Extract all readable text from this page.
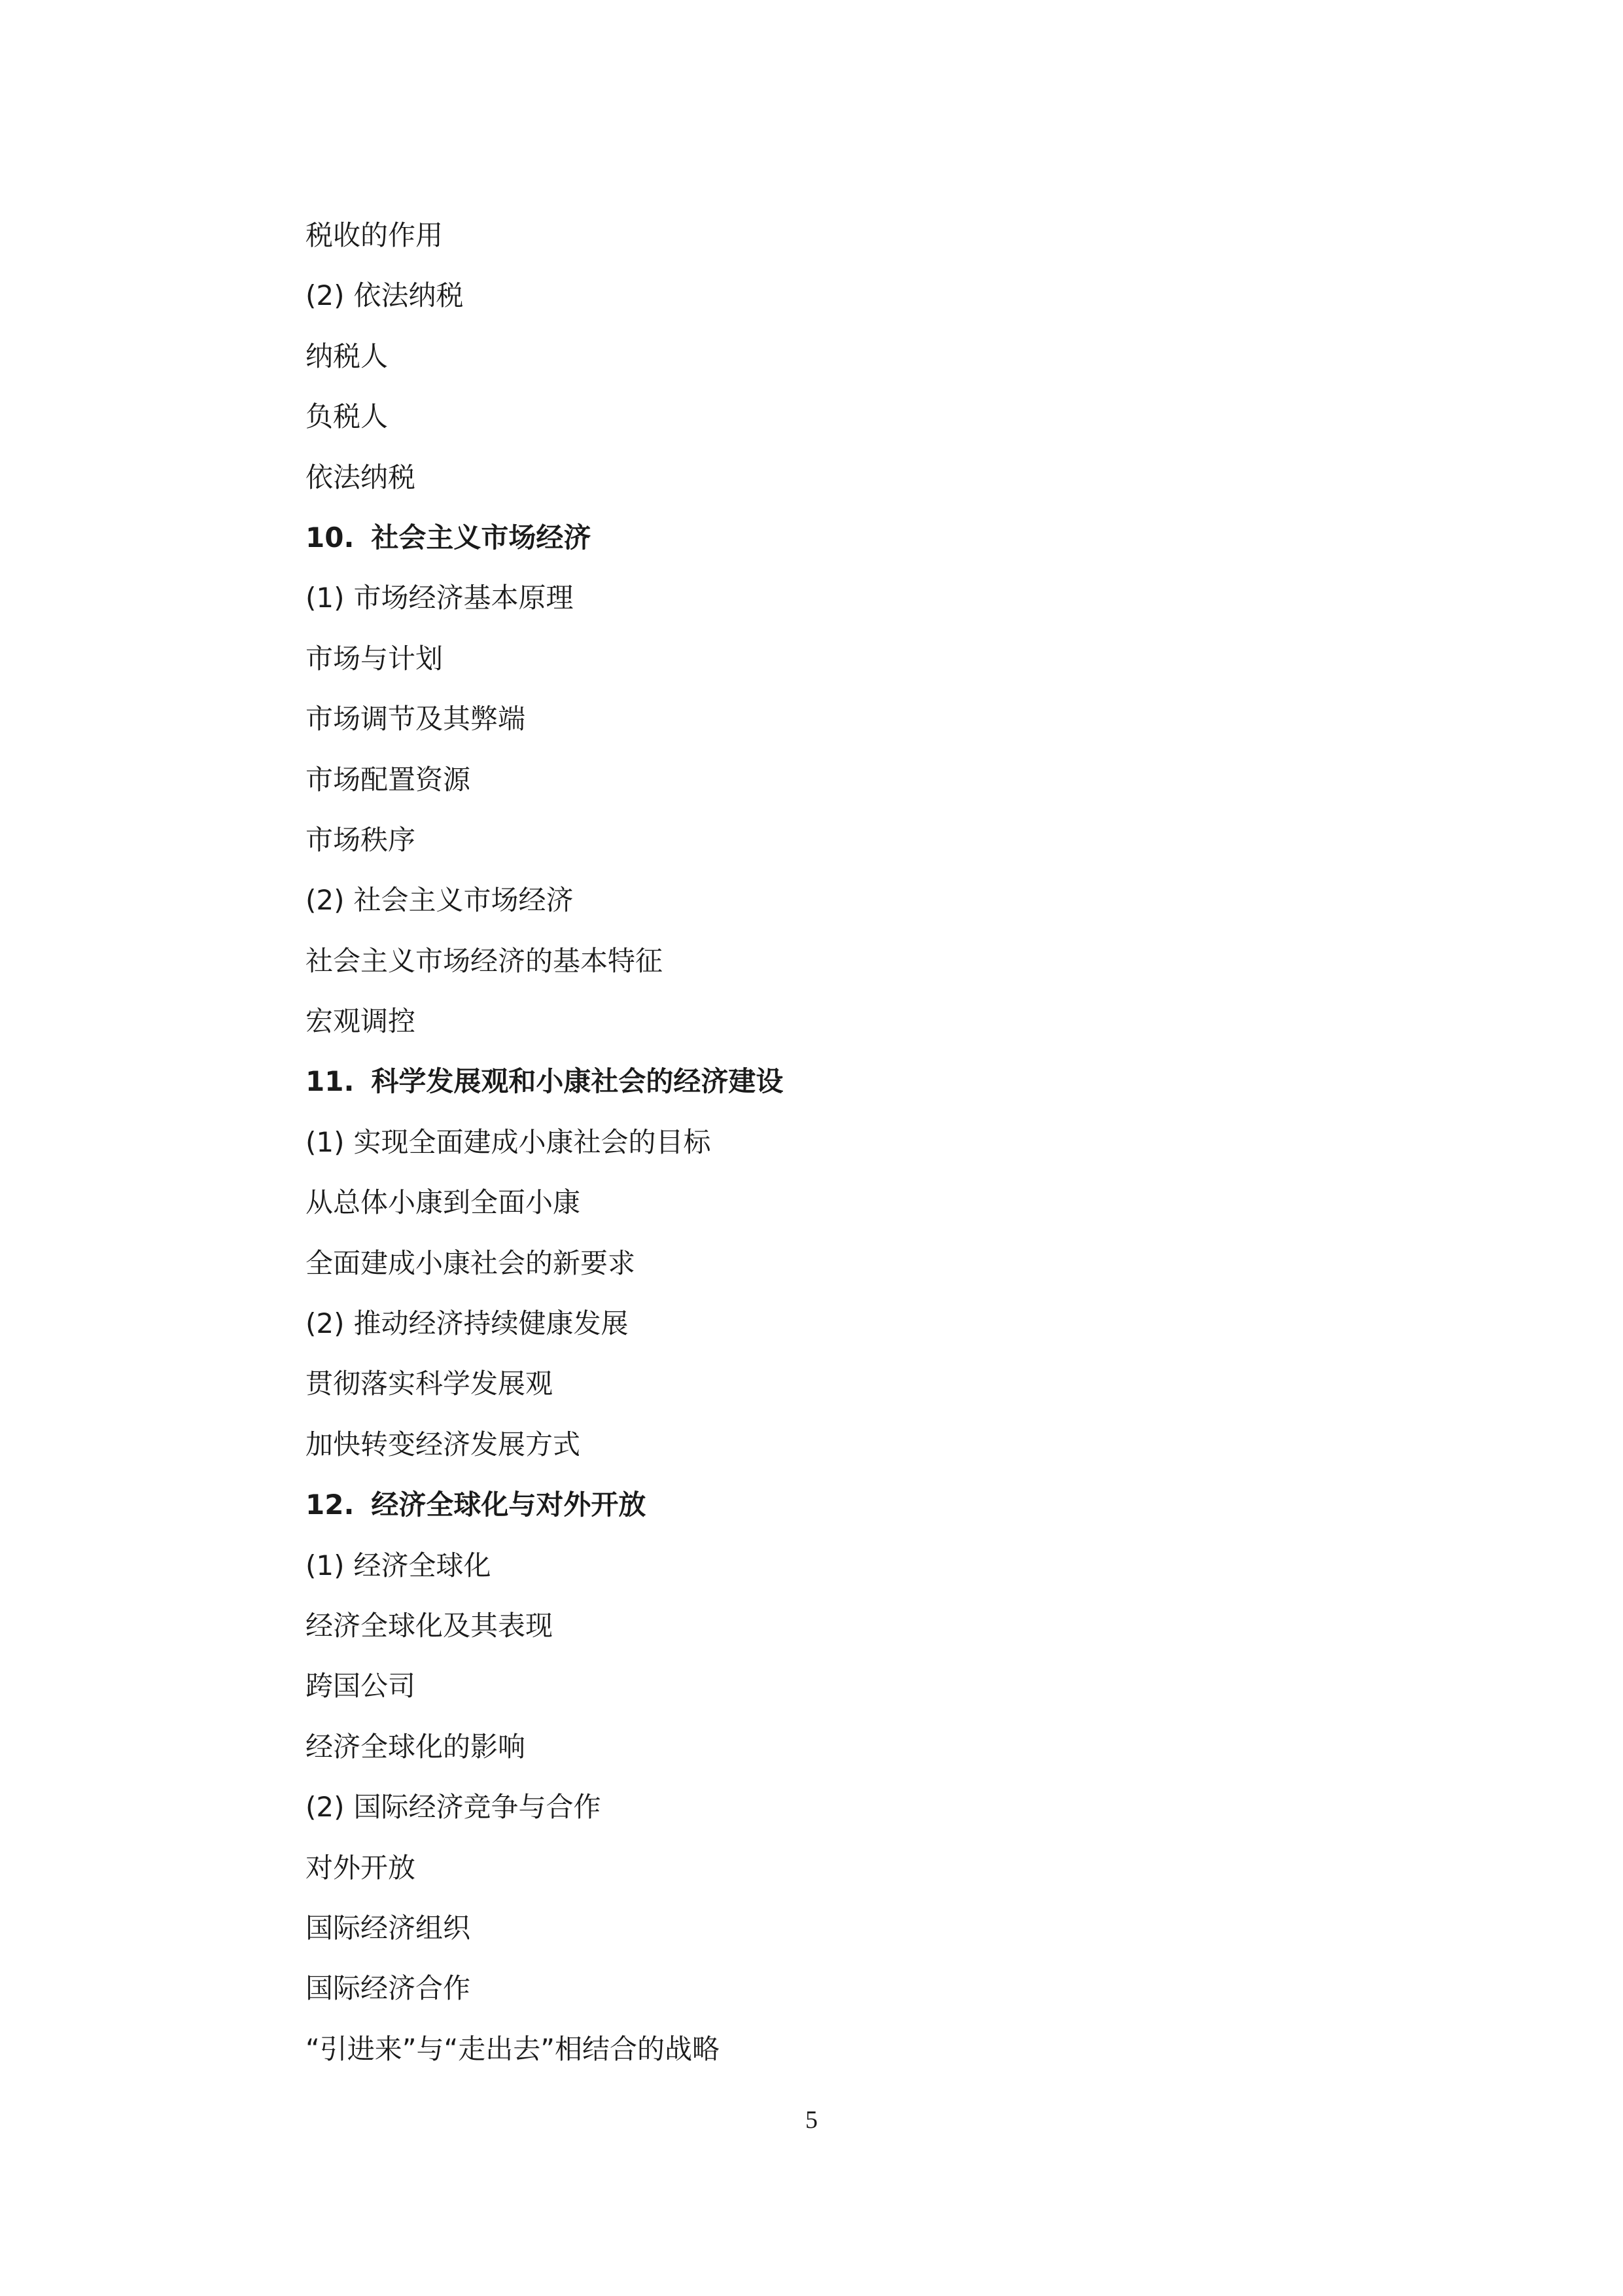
税收的作用
(2) 依法纳税
纳税人
负税人
依法纳税
10. 社会主义市场经济
(1) 市场经济基本原理
市场与计划
市场调节及其弊端
市场配置资源
市场秩序
(2) 社会主义市场经济
社会主义市场经济的基本特征
宏观调控
11. 科学发展观和小康社会的经济建设
(1) 实现全面建成小康社会的目标
从总体小康到全面小康
全面建成小康社会的新要求
(2) 推动经济持续健康发展
贯彻落实科学发展观
加快转变经济发展方式
12. 经济全球化与对外开放
(1) 经济全球化
经济全球化及其表现
跨国公司
经济全球化的影响
(2) 国际经济竞争与合作
对外开放
国际经济组织
国际经济合作
“引进来”与“走出去”相结合的战略
5
